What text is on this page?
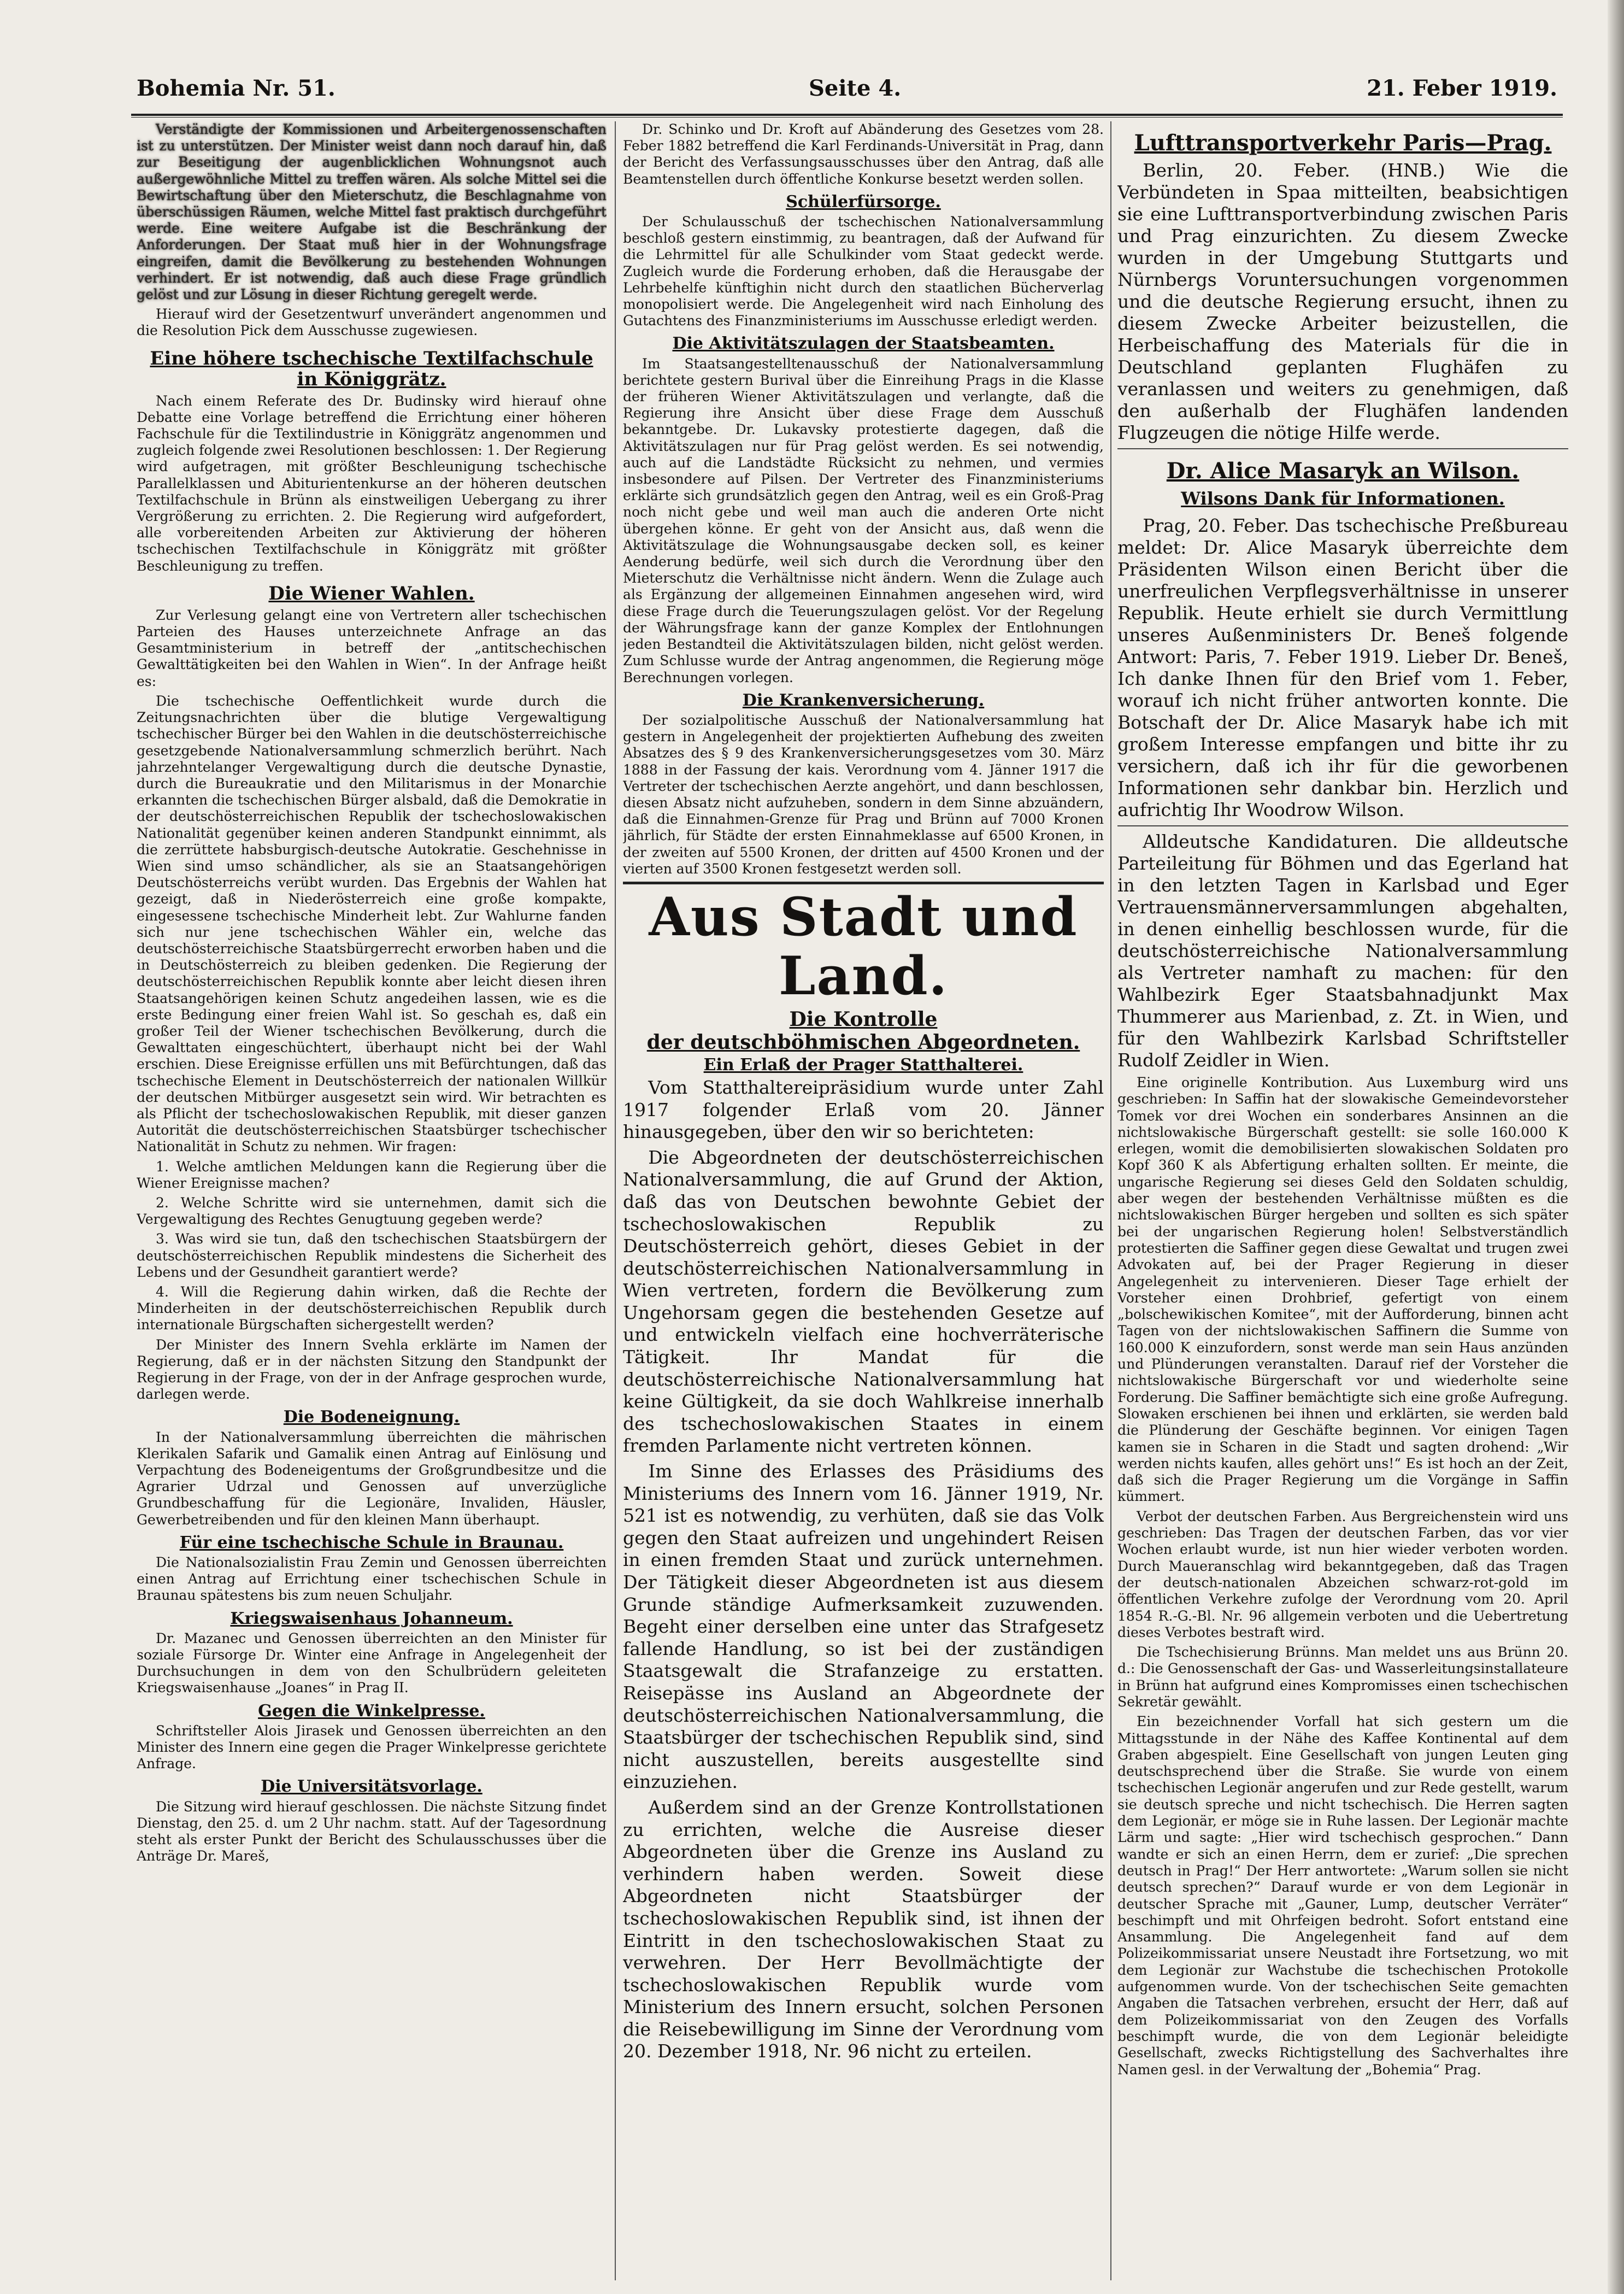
Bohemia Nr. 51.	Seite 4.	21. Feber 1919.

Verständigte der Kommissionen und Arbeitergenossenschaften ist zu unterstützen. Der Minister weist dann noch darauf hin, daß zur Beseitigung der augenblicklichen Wohnungsnot auch außergewöhnliche Mittel zu treffen wären. Als solche Mittel sei die Bewirtschaftung über den Mieterschutz, die Beschlagnahme von überschüssigen Räumen, welche Mittel fast praktisch durchgeführt werde. Eine weitere Aufgabe ist die Beschränkung der Anforderungen. Der Staat muß hier in der Wohnungsfrage eingreifen, damit die Bevölkerung zu bestehenden Wohnungen verhindert. Er ist notwendig, daß auch diese Frage gründlich gelöst und zur Lösung in dieser Richtung geregelt werde.

Hierauf wird der Gesetzentwurf unverändert angenommen und die Resolution Pick dem Ausschusse zugewiesen.

Eine höhere tschechische Textilfachschule in Königgrätz.

Nach einem Referate des Dr. Budinsky wird hierauf ohne Debatte eine Vorlage betreffend die Errichtung einer höheren Fachschule für die Textilindustrie in Königgrätz angenommen und zugleich folgende zwei Resolutionen beschlossen: 1. Der Regierung wird aufgetragen, mit größter Beschleunigung tschechische Parallelklassen und Abiturientenkurse an der höheren deutschen Textilfachschule in Brünn als einstweiligen Uebergang zu ihrer Vergrößerung zu errichten. 2. Die Regierung wird aufgefordert, alle vorbereitenden Arbeiten zur Aktivierung der höheren tschechischen Textilfachschule in Königgrätz mit größter Beschleunigung zu treffen.

Die Wiener Wahlen.

Zur Verlesung gelangt eine von Vertretern aller tschechischen Parteien des Hauses unterzeichnete Anfrage an das Gesamtministerium in betreff der „antitschechischen Gewalttätigkeiten bei den Wahlen in Wien“. In der Anfrage heißt es:

Die tschechische Oeffentlichkeit wurde durch die Zeitungsnachrichten über die blutige Vergewaltigung tschechischer Bürger bei den Wahlen in die deutschösterreichische gesetzgebende Nationalversammlung schmerzlich berührt. Nach jahrzehntelanger Vergewaltigung durch die deutsche Dynastie, durch die Bureaukratie und den Militarismus in der Monarchie erkannten die tschechischen Bürger alsbald, daß die Demokratie in der deutschösterreichischen Republik der tschechoslowakischen Nationalität gegenüber keinen anderen Standpunkt einnimmt, als die zerrüttete habsburgisch-deutsche Autokratie. Geschehnisse in Wien sind umso schändlicher, als sie an Staatsangehörigen Deutschösterreichs verübt wurden. Das Ergebnis der Wahlen hat gezeigt, daß in Niederösterreich eine große kompakte, eingesessene tschechische Minderheit lebt. Zur Wahlurne fanden sich nur jene tschechischen Wähler ein, welche das deutschösterreichische Staatsbürgerrecht erworben haben und die in Deutschösterreich zu bleiben gedenken. Die Regierung der deutschösterreichischen Republik konnte aber leicht diesen ihren Staatsangehörigen keinen Schutz angedeihen lassen, wie es die erste Bedingung einer freien Wahl ist. So geschah es, daß ein großer Teil der Wiener tschechischen Bevölkerung, durch die Gewalttaten eingeschüchtert, überhaupt nicht bei der Wahl erschien. Diese Ereignisse erfüllen uns mit Befürchtungen, daß das tschechische Element in Deutschösterreich der nationalen Willkür der deutschen Mitbürger ausgesetzt sein wird. Wir betrachten es als Pflicht der tschechoslowakischen Republik, mit dieser ganzen Autorität die deutschösterreichischen Staatsbürger tschechischer Nationalität in Schutz zu nehmen. Wir fragen:

1. Welche amtlichen Meldungen kann die Regierung über die Wiener Ereignisse machen?

2. Welche Schritte wird sie unternehmen, damit sich die Vergewaltigung des Rechtes Genugtuung gegeben werde?

3. Was wird sie tun, daß den tschechischen Staatsbürgern der deutschösterreichischen Republik mindestens die Sicherheit des Lebens und der Gesundheit garantiert werde?

4. Will die Regierung dahin wirken, daß die Rechte der Minderheiten in der deutschösterreichischen Republik durch internationale Bürgschaften sichergestellt werden?

Der Minister des Innern Svehla erklärte im Namen der Regierung, daß er in der nächsten Sitzung den Standpunkt der Regierung in der Frage, von der in der Anfrage gesprochen wurde, darlegen werde.

Die Bodeneignung.

In der Nationalversammlung überreichten die mährischen Klerikalen Safarik und Gamalik einen Antrag auf Einlösung und Verpachtung des Bodeneigentums der Großgrundbesitze und die Agrarier Udrzal und Genossen auf unverzügliche Grundbeschaffung für die Legionäre, Invaliden, Häusler, Gewerbetreibenden und für den kleinen Mann überhaupt.

Für eine tschechische Schule in Braunau.

Die Nationalsozialistin Frau Zemin und Genossen überreichten einen Antrag auf Errichtung einer tschechischen Schule in Braunau spätestens bis zum neuen Schuljahr.

Kriegswaisenhaus Johanneum.

Dr. Mazanec und Genossen überreichten an den Minister für soziale Fürsorge Dr. Winter eine Anfrage in Angelegenheit der Durchsuchungen in dem von den Schulbrüdern geleiteten Kriegswaisenhause „Joanes“ in Prag II.

Gegen die Winkelpresse.

Schriftsteller Alois Jirasek und Genossen überreichten an den Minister des Innern eine gegen die Prager Winkelpresse gerichtete Anfrage.

Die Universitätsvorlage.

Die Sitzung wird hierauf geschlossen. Die nächste Sitzung findet Dienstag, den 25. d. um 2 Uhr nachm. statt. Auf der Tagesordnung steht als erster Punkt der Bericht des Schulausschusses über die Anträge Dr. Mareš,

Dr. Schinko und Dr. Kroft auf Abänderung des Gesetzes vom 28. Feber 1882 betreffend die Karl Ferdinands-Universität in Prag, dann der Bericht des Verfassungsausschusses über den Antrag, daß alle Beamtenstellen durch öffentliche Konkurse besetzt werden sollen.

Schülerfürsorge.

Der Schulausschuß der tschechischen Nationalversammlung beschloß gestern einstimmig, zu beantragen, daß der Aufwand für die Lehrmittel für alle Schulkinder vom Staat gedeckt werde. Zugleich wurde die Forderung erhoben, daß die Herausgabe der Lehrbehelfe künftighin nicht durch den staatlichen Bücherverlag monopolisiert werde. Die Angelegenheit wird nach Einholung des Gutachtens des Finanzministeriums im Ausschusse erledigt werden.

Die Aktivitätszulagen der Staatsbeamten.

Im Staatsangestelltenausschuß der Nationalversammlung berichtete gestern Burival über die Einreihung Prags in die Klasse der früheren Wiener Aktivitätszulagen und verlangte, daß die Regierung ihre Ansicht über diese Frage dem Ausschuß bekanntgebe. Dr. Lukavsky protestierte dagegen, daß die Aktivitätszulagen nur für Prag gelöst werden. Es sei notwendig, auch auf die Landstädte Rücksicht zu nehmen, und vermies insbesondere auf Pilsen. Der Vertreter des Finanzministeriums erklärte sich grundsätzlich gegen den Antrag, weil es ein Groß-Prag noch nicht gebe und weil man auch die anderen Orte nicht übergehen könne. Er geht von der Ansicht aus, daß wenn die Aktivitätszulage die Wohnungsausgabe decken soll, es keiner Aenderung bedürfe, weil sich durch die Verordnung über den Mieterschutz die Verhältnisse nicht ändern. Wenn die Zulage auch als Ergänzung der allgemeinen Einnahmen angesehen wird, wird diese Frage durch die Teuerungszulagen gelöst. Vor der Regelung der Währungsfrage kann der ganze Komplex der Entlohnungen jeden Bestandteil die Aktivitätszulagen bilden, nicht gelöst werden. Zum Schlusse wurde der Antrag angenommen, die Regierung möge Berechnungen vorlegen.

Die Krankenversicherung.

Der sozialpolitische Ausschuß der Nationalversammlung hat gestern in Angelegenheit der projektierten Aufhebung des zweiten Absatzes des § 9 des Krankenversicherungsgesetzes vom 30. März 1888 in der Fassung der kais. Verordnung vom 4. Jänner 1917 die Vertreter der tschechischen Aerzte angehört, und dann beschlossen, diesen Absatz nicht aufzuheben, sondern in dem Sinne abzuändern, daß die Einnahmen-Grenze für Prag und Brünn auf 7000 Kronen jährlich, für Städte der ersten Einnahmeklasse auf 6500 Kronen, in der zweiten auf 5500 Kronen, der dritten auf 4500 Kronen und der vierten auf 3500 Kronen festgesetzt werden soll.

Aus Stadt und Land.
Die Kontrolle
der deutschböhmischen Abgeordneten.
Ein Erlaß der Prager Statthalterei.

Vom Statthaltereipräsidium wurde unter Zahl 1917 folgender Erlaß vom 20. Jänner hinausgegeben, über den wir so berichteten:

Die Abgeordneten der deutschösterreichischen Nationalversammlung, die auf Grund der Aktion, daß das von Deutschen bewohnte Gebiet der tschechoslowakischen Republik zu Deutschösterreich gehört, dieses Gebiet in der deutschösterreichischen Nationalversammlung in Wien vertreten, fordern die Bevölkerung zum Ungehorsam gegen die bestehenden Gesetze auf und entwickeln vielfach eine hochverräterische Tätigkeit. Ihr Mandat für die deutschösterreichische Nationalversammlung hat keine Gültigkeit, da sie doch Wahlkreise innerhalb des tschechoslowakischen Staates in einem fremden Parlamente nicht vertreten können.

Im Sinne des Erlasses des Präsidiums des Ministeriums des Innern vom 16. Jänner 1919, Nr. 521 ist es notwendig, zu verhüten, daß sie das Volk gegen den Staat aufreizen und ungehindert Reisen in einen fremden Staat und zurück unternehmen. Der Tätigkeit dieser Abgeordneten ist aus diesem Grunde ständige Aufmerksamkeit zuzuwenden. Begeht einer derselben eine unter das Strafgesetz fallende Handlung, so ist bei der zuständigen Staatsgewalt die Strafanzeige zu erstatten. Reisepässe ins Ausland an Abgeordnete der deutschösterreichischen Nationalversammlung, die Staatsbürger der tschechischen Republik sind, sind nicht auszustellen, bereits ausgestellte sind einzuziehen.

Außerdem sind an der Grenze Kontrollstationen zu errichten, welche die Ausreise dieser Abgeordneten über die Grenze ins Ausland zu verhindern haben werden. Soweit diese Abgeordneten nicht Staatsbürger der tschechoslowakischen Republik sind, ist ihnen der Eintritt in den tschechoslowakischen Staat zu verwehren. Der Herr Bevollmächtigte der tschechoslowakischen Republik wurde vom Ministerium des Innern ersucht, solchen Personen die Reisebewilligung im Sinne der Verordnung vom 20. Dezember 1918, Nr. 96 nicht zu erteilen.

Lufttransportverkehr Paris—Prag.

Berlin, 20. Feber. (HNB.) Wie die Verbündeten in Spaa mitteilten, beabsichtigen sie eine Lufttransportverbindung zwischen Paris und Prag einzurichten. Zu diesem Zwecke wurden in der Umgebung Stuttgarts und Nürnbergs Voruntersuchungen vorgenommen und die deutsche Regierung ersucht, ihnen zu diesem Zwecke Arbeiter beizustellen, die Herbeischaffung des Materials für die in Deutschland geplanten Flughäfen zu veranlassen und weiters zu genehmigen, daß den außerhalb der Flughäfen landenden Flugzeugen die nötige Hilfe werde.

Dr. Alice Masaryk an Wilson.
Wilsons Dank für Informationen.

Prag, 20. Feber. Das tschechische Preßbureau meldet: Dr. Alice Masaryk überreichte dem Präsidenten Wilson einen Bericht über die unerfreulichen Verpflegsverhältnisse in unserer Republik. Heute erhielt sie durch Vermittlung unseres Außenministers Dr. Beneš folgende Antwort: Paris, 7. Feber 1919. Lieber Dr. Beneš, Ich danke Ihnen für den Brief vom 1. Feber, worauf ich nicht früher antworten konnte. Die Botschaft der Dr. Alice Masaryk habe ich mit großem Interesse empfangen und bitte ihr zu versichern, daß ich ihr für die geworbenen Informationen sehr dankbar bin. Herzlich und aufrichtig Ihr Woodrow Wilson.

Alldeutsche Kandidaturen. Die alldeutsche Parteileitung für Böhmen und das Egerland hat in den letzten Tagen in Karlsbad und Eger Vertrauensmännerversammlungen abgehalten, in denen einhellig beschlossen wurde, für die deutschösterreichische Nationalversammlung als Vertreter namhaft zu machen: für den Wahlbezirk Eger Staatsbahnadjunkt Max Thummerer aus Marienbad, z. Zt. in Wien, und für den Wahlbezirk Karlsbad Schriftsteller Rudolf Zeidler in Wien.

Eine originelle Kontribution. Aus Luxemburg wird uns geschrieben: In Saffin hat der slowakische Gemeindevorsteher Tomek vor drei Wochen ein sonderbares Ansinnen an die nichtslowakische Bürgerschaft gestellt: sie solle 160.000 K erlegen, womit die demobilisierten slowakischen Soldaten pro Kopf 360 K als Abfertigung erhalten sollten. Er meinte, die ungarische Regierung sei dieses Geld den Soldaten schuldig, aber wegen der bestehenden Verhältnisse müßten es die nichtslowakischen Bürger hergeben und sollten es sich später bei der ungarischen Regierung holen! Selbstverständlich protestierten die Saffiner gegen diese Gewaltat und trugen zwei Advokaten auf, bei der Prager Regierung in dieser Angelegenheit zu intervenieren. Dieser Tage erhielt der Vorsteher einen Drohbrief, gefertigt von einem „bolschewikischen Komitee“, mit der Aufforderung, binnen acht Tagen von der nichtslowakischen Saffinern die Summe von 160.000 K einzufordern, sonst werde man sein Haus anzünden und Plünderungen veranstalten. Darauf rief der Vorsteher die nichtslowakische Bürgerschaft vor und wiederholte seine Forderung. Die Saffiner bemächtigte sich eine große Aufregung. Slowaken erschienen bei ihnen und erklärten, sie werden bald die Plünderung der Geschäfte beginnen. Vor einigen Tagen kamen sie in Scharen in die Stadt und sagten drohend: „Wir werden nichts kaufen, alles gehört uns!“ Es ist hoch an der Zeit, daß sich die Prager Regierung um die Vorgänge in Saffin kümmert.

Verbot der deutschen Farben. Aus Bergreichenstein wird uns geschrieben: Das Tragen der deutschen Farben, das vor vier Wochen erlaubt wurde, ist nun hier wieder verboten worden. Durch Maueranschlag wird bekanntgegeben, daß das Tragen der deutsch-nationalen Abzeichen schwarz-rot-gold im öffentlichen Verkehre zufolge der Verordnung vom 20. April 1854 R.-G.-Bl. Nr. 96 allgemein verboten und die Uebertretung dieses Verbotes bestraft wird.

Die Tschechisierung Brünns. Man meldet uns aus Brünn 20. d.: Die Genossenschaft der Gas- und Wasserleitungsinstallateure in Brünn hat aufgrund eines Kompromisses einen tschechischen Sekretär gewählt.

Ein bezeichnender Vorfall hat sich gestern um die Mittagsstunde in der Nähe des Kaffee Kontinental auf dem Graben abgespielt. Eine Gesellschaft von jungen Leuten ging deutschsprechend über die Straße. Sie wurde von einem tschechischen Legionär angerufen und zur Rede gestellt, warum sie deutsch spreche und nicht tschechisch. Die Herren sagten dem Legionär, er möge sie in Ruhe lassen. Der Legionär machte Lärm und sagte: „Hier wird tschechisch gesprochen.“ Dann wandte er sich an einen Herrn, dem er zurief: „Die sprechen deutsch in Prag!“ Der Herr antwortete: „Warum sollen sie nicht deutsch sprechen?“ Darauf wurde er von dem Legionär in deutscher Sprache mit „Gauner, Lump, deutscher Verräter“ beschimpft und mit Ohrfeigen bedroht. Sofort entstand eine Ansammlung. Die Angelegenheit fand auf dem Polizeikommissariat unsere Neustadt ihre Fortsetzung, wo mit dem Legionär zur Wachstube die tschechischen Protokolle aufgenommen wurde. Von der tschechischen Seite gemachten Angaben die Tatsachen verbrehen, ersucht der Herr, daß auf dem Polizeikommissariat von den Zeugen des Vorfalls beschimpft wurde, die von dem Legionär beleidigte Gesellschaft, zwecks Richtigstellung des Sachverhaltes ihre Namen gesl. in der Verwaltung der „Bohemia“ Prag.
